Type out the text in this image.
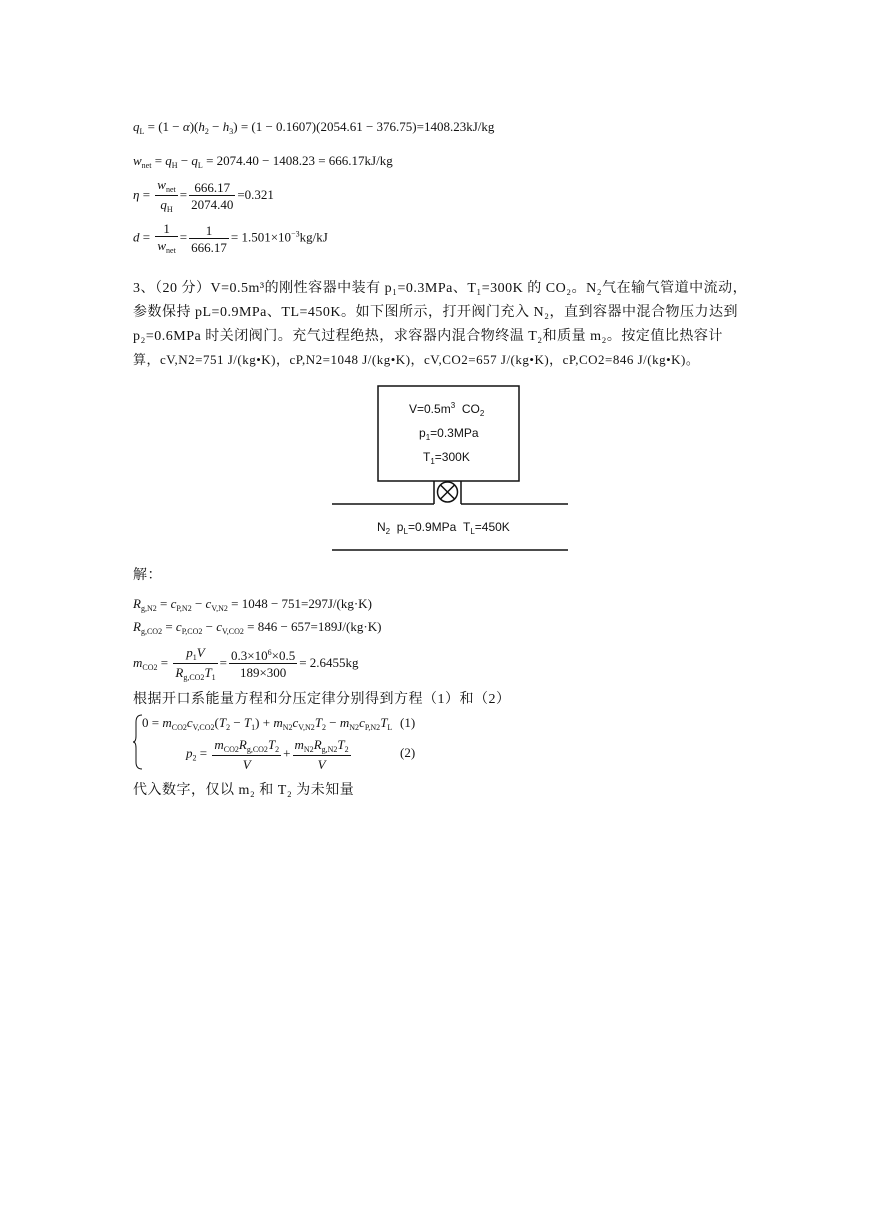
$q_L = (1 - \alpha)(h_2 - h_3) = (1 - 0.1607)(2054.61 - 376.75)=1408.23kJ/kg$
$w_{net} = q_H - q_L = 2074.40 - 1408.23 = 666.17kJ/kg$
$\eta = \frac{w_{net}}{q_H} = \frac{666.17}{2074.40} =0.321$
$d = \frac{1}{w_{net}} = \frac{1}{666.17} = 1.501\times 10^{-3}kg/kJ$
3、（20 分）V=0.5m³的刚性容器中装有 p₁=0.3MPa、T₁=300K 的 CO₂。N₂气在输气管道中流动，
参数保持 pL=0.9MPa、TL=450K。如下图所示，打开阀门充入 N₂，直到容器中混合物压力达到
p₂=0.6MPa 时关闭阀门。充气过程绝热，求容器内混合物终温 T₂和质量 m₂。按定值比热容计
算，cV,N2=751 J/(kg•K)，cP,N2=1048 J/(kg•K)，cV,CO2=657 J/(kg•K)，cP,CO2=846 J/(kg•K)。
$V=0.5m^3$ $CO_2$
$p_1=0.3MPa$
$T_1=300K$
$N_2$ $p_L=0.9MPa$ $T_L=450K$
解：
$R_{g,N2} = c_{P,N2} - c_{V,N2} = 1048 - 751=297J/(kg\cdot K)$
$R_{g,CO2} = c_{P,CO2} - c_{V,CO2} = 846 - 657=189J/(kg\cdot K)$
$m_{CO2} = \frac{p_1V}{R_{g,CO2}T_1} = \frac{0.3\times 10^6\times 0.5}{189\times 300} = 2.6455kg$
根据开口系能量方程和分压定律分别得到方程（1）和（2）
$0 = m_{CO2}c_{V,CO2}(T_2 - T_1) + m_{N2}c_{V,N2}T_2 - m_{N2}c_{P,N2}T_L$ (1)
$p_2 = \frac{m_{CO2}R_{g,CO2}T_2}{V} + \frac{m_{N2}R_{g,N2}T_2}{V}$	(2)
代入数字，仅以 m₂ 和 T₂ 为未知量
